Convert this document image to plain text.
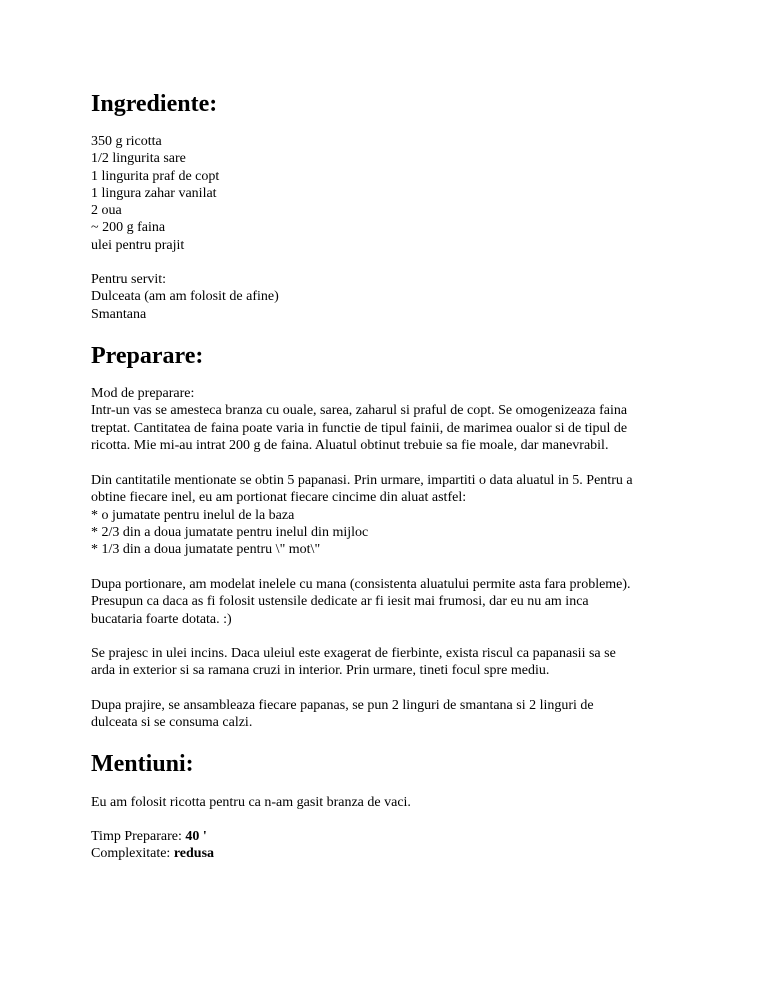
Ingrediente:
350 g ricotta
1/2 lingurita sare
1 lingurita praf de copt
1 lingura zahar vanilat
2 oua
~ 200 g faina
ulei pentru prajit
Pentru servit:
Dulceata (am am folosit de afine)
Smantana
Preparare:
Mod de preparare:
Intr-un vas se amesteca branza cu ouale, sarea, zaharul si praful de copt. Se omogenizeaza faina
treptat. Cantitatea de faina poate varia in functie de tipul fainii, de marimea oualor si de tipul de
ricotta. Mie mi-au intrat 200 g de faina. Aluatul obtinut trebuie sa fie moale, dar manevrabil.
Din cantitatile mentionate se obtin 5 papanasi. Prin urmare, impartiti o data aluatul in 5. Pentru a
obtine fiecare inel, eu am portionat fiecare cincime din aluat astfel:
* o jumatate pentru inelul de la baza
* 2/3 din a doua jumatate pentru inelul din mijloc
* 1/3 din a doua jumatate pentru \" mot\"
Dupa portionare, am modelat inelele cu mana (consistenta aluatului permite asta fara probleme).
Presupun ca daca as fi folosit ustensile dedicate ar fi iesit mai frumosi, dar eu nu am inca
bucataria foarte dotata. :)
Se prajesc in ulei incins. Daca uleiul este exagerat de fierbinte, exista riscul ca papanasii sa se
arda in exterior si sa ramana cruzi in interior. Prin urmare, tineti focul spre mediu.
Dupa prajire, se ansambleaza fiecare papanas, se pun 2 linguri de smantana si 2 linguri de
dulceata si se consuma calzi.
Mentiuni:
Eu am folosit ricotta pentru ca n-am gasit branza de vaci.
Timp Preparare: 40 '
Complexitate: redusa
